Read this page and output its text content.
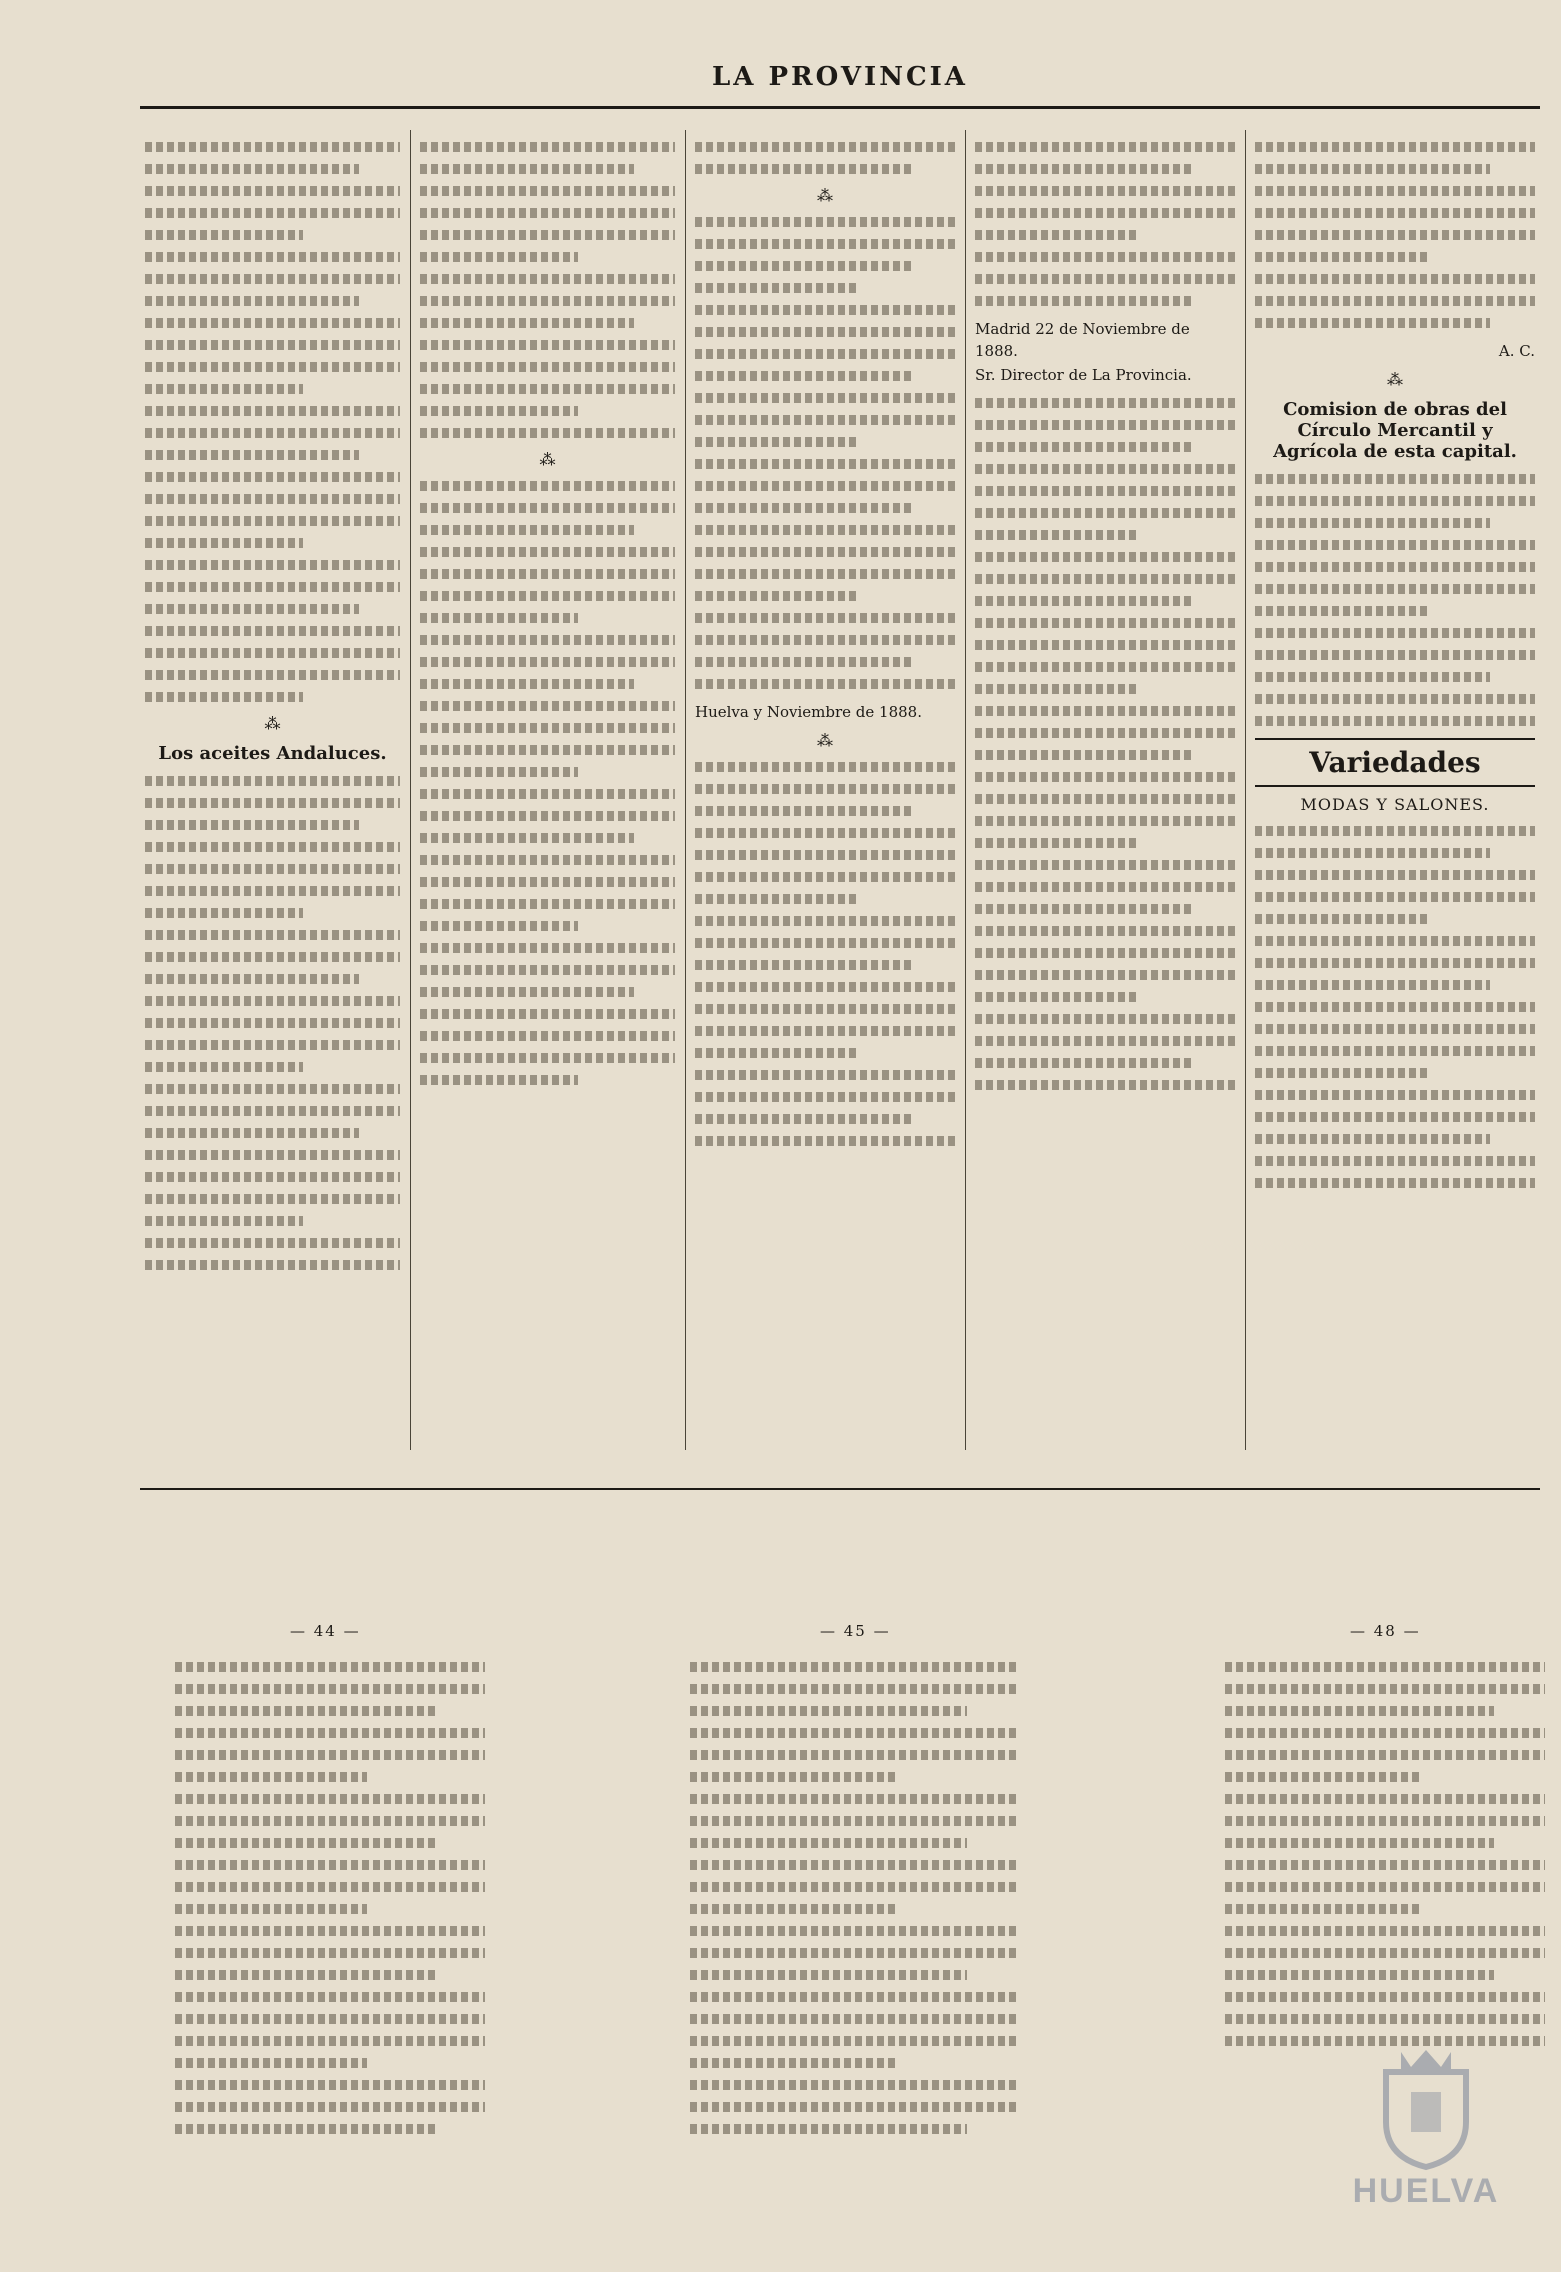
LA PROVINCIA
⁂
Los aceites Andaluces.
⁂
⁂
Huelva y Noviembre de 1888.
⁂
Madrid 22 de Noviembre de 1888.
Sr. Director de La Provincia.
A. C.
⁂
Comision de obras del Círculo Mercantil y Agrícola de esta capital.
Variedades
MODAS Y SALONES.
— 44 —	— 45 —	— 48 —
HUELVA
